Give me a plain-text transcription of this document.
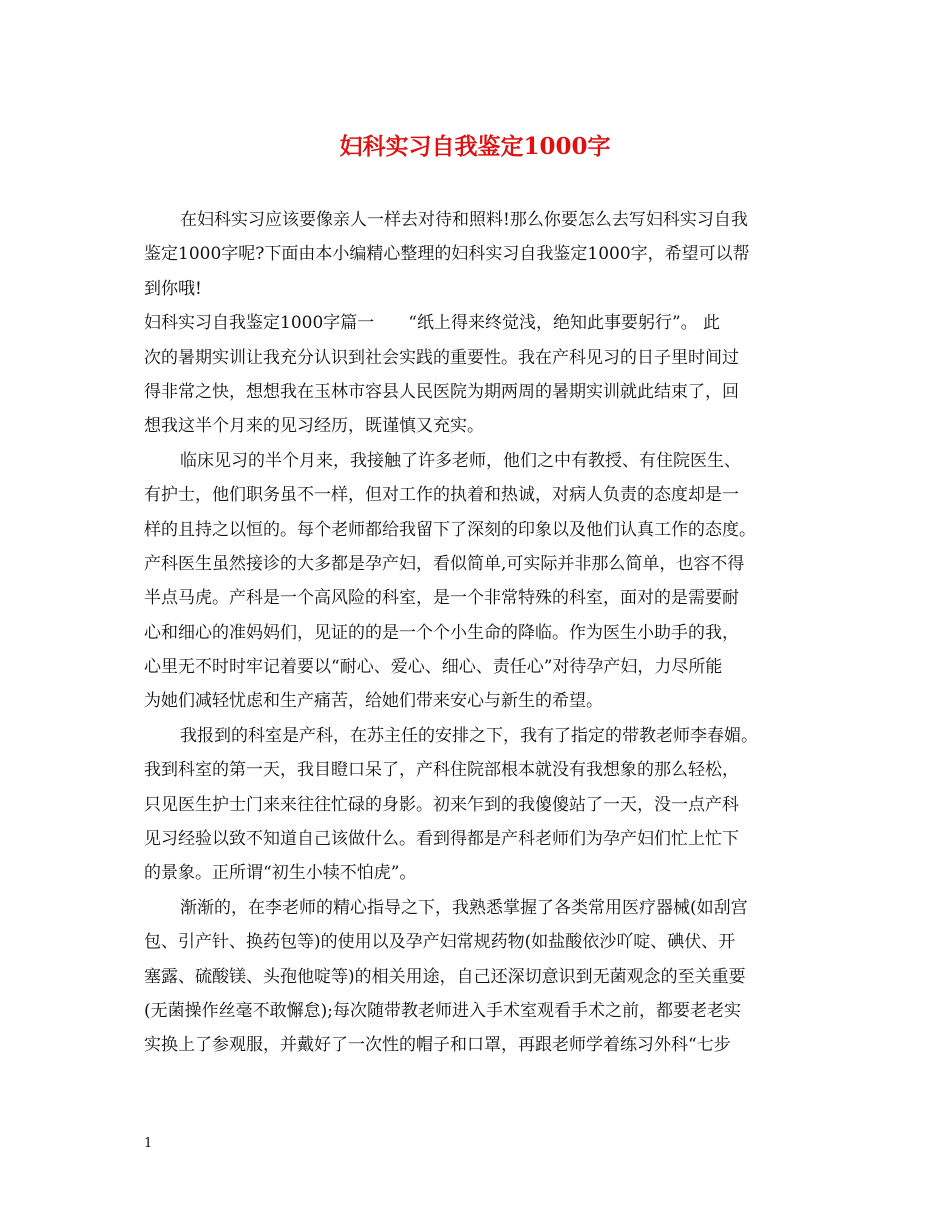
妇科实习自我鉴定1000字
在妇科实习应该要像亲人一样去对待和照料!那么你要怎么去写妇科实习自我
鉴定1000字呢?下面由本小编精心整理的妇科实习自我鉴定1000字，希望可以帮
到你哦!
妇科实习自我鉴定1000字篇一　　“纸上得来终觉浅，绝知此事要躬行”。 此
次的暑期实训让我充分认识到社会实践的重要性。我在产科见习的日子里时间过
得非常之快，想想我在玉林市容县人民医院为期两周的暑期实训就此结束了，回
想我这半个月来的见习经历，既谨慎又充实。
临床见习的半个月来，我接触了许多老师，他们之中有教授、有住院医生、
有护士，他们职务虽不一样，但对工作的执着和热诚，对病人负责的态度却是一
样的且持之以恒的。每个老师都给我留下了深刻的印象以及他们认真工作的态度。
产科医生虽然接诊的大多都是孕产妇，看似简单,可实际并非那么简单，也容不得
半点马虎。产科是一个高风险的科室，是一个非常特殊的科室，面对的是需要耐
心和细心的准妈妈们，见证的的是一个个小生命的降临。作为医生小助手的我，
心里无不时时牢记着要以“耐心、爱心、细心、责任心”对待孕产妇，力尽所能
为她们减轻忧虑和生产痛苦，给她们带来安心与新生的希望。
我报到的科室是产科，在苏主任的安排之下，我有了指定的带教老师李春媚。
我到科室的第一天，我目瞪口呆了，产科住院部根本就没有我想象的那么轻松，
只见医生护士门来来往往忙碌的身影。初来乍到的我傻傻站了一天，没一点产科
见习经验以致不知道自己该做什么。看到得都是产科老师们为孕产妇们忙上忙下
的景象。正所谓“初生小犊不怕虎”。
渐渐的，在李老师的精心指导之下，我熟悉掌握了各类常用医疗器械(如刮宫
包、引产针、换药包等)的使用以及孕产妇常规药物(如盐酸依沙吖啶、碘伏、开
塞露、硫酸镁、头孢他啶等)的相关用途，自己还深切意识到无菌观念的至关重要
(无菌操作丝毫不敢懈怠);每次随带教老师进入手术室观看手术之前，都要老老实
实换上了参观服，并戴好了一次性的帽子和口罩，再跟老师学着练习外科“七步
1
